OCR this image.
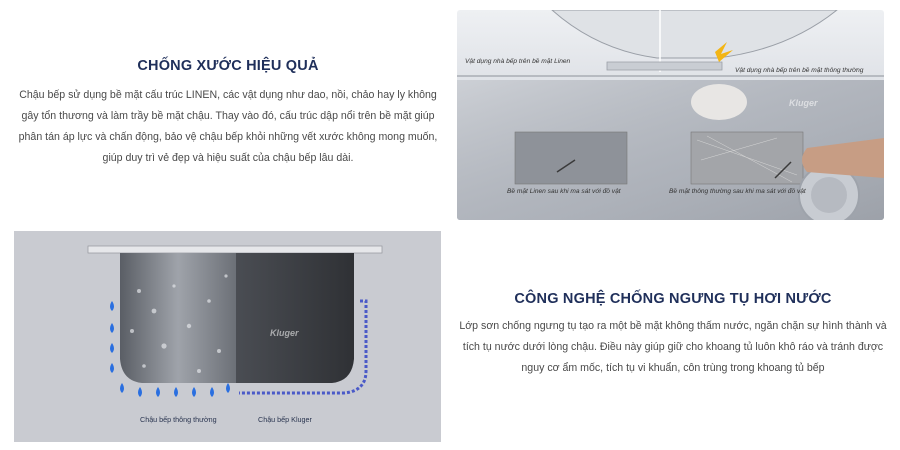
CHỐNG XƯỚC HIỆU QUẢ
Chậu bếp sử dụng bề mặt cấu trúc LINEN, các vật dụng như dao, nồi, chảo hay ly không
gây tổn thương và làm trầy bề mặt chậu. Thay vào đó, cấu trúc dập nổi trên bề mặt giúp
phân tán áp lực và chấn động, bảo vệ chậu bếp khỏi những vết xước không mong muốn,
giúp duy trì vẻ đẹp và hiệu suất của chậu bếp lâu dài.
Vật dụng nhà bếp trên bề mặt Linen
Vật dụng nhà bếp trên bề mặt thông thường
Bề mặt Linen sau khi ma sát với đồ vật	Bề mặt thông thường sau khi ma sát với đồ vật
Kluger
Chậu bếp thông thường	Chậu bếp Kluger
Kluger
CÔNG NGHỆ CHỐNG NGƯNG TỤ HƠI NƯỚC
Lớp sơn chống ngưng tụ tạo ra một bề mặt không thấm nước, ngăn chặn sự hình thành và
tích tụ nước dưới lòng chậu. Điều này giúp giữ cho khoang tủ luôn khô ráo và tránh được
nguy cơ ẩm mốc, tích tụ vi khuẩn, côn trùng trong khoang tủ bếp
